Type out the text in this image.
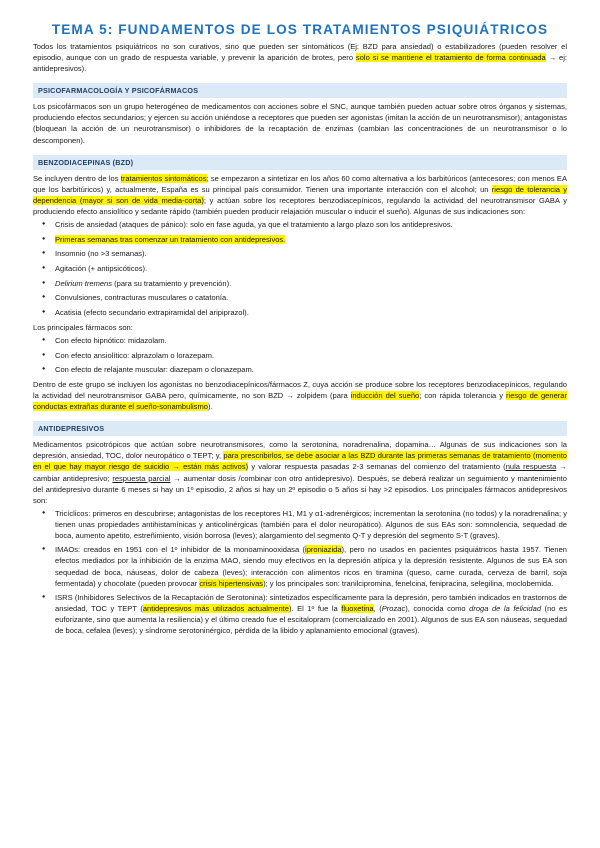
TEMA 5: FUNDAMENTOS DE LOS TRATAMIENTOS PSIQUIÁTRICOS

Todos los tratamientos psiquiátricos no son curativos, sino que pueden ser sintomáticos (Ej: BZD para ansiedad) o estabilizadores (pueden resolver el episodio, aunque con un grado de respuesta variable, y prevenir la aparición de brotes, pero solo si se mantiene el tratamiento de forma continuada → ej: antidepresivos).

PSICOFARMACOLOGÍA Y PSICOFÁRMACOS

Los psicofármacos son un grupo heterogéneo de medicamentos con acciones sobre el SNC, aunque también pueden actuar sobre otros órganos y sistemas, produciendo efectos secundarios; y ejercen su acción uniéndose a receptores que pueden ser agonistas (imitan la acción de un neurotransmisor), antagonistas (bloquean la acción de un neurotransmisor) o inhibidores de la recaptación de enzimas (cambian las concentraciones de un neurotransmisor o lo descomponen).

BENZODIACEPINAS (BZD)

Se incluyen dentro de los tratamientos sintomáticos; se empezaron a sintetizar en los años 60 como alternativa a los barbitúricos (antecesores; con menos EA que los barbitúricos) y, actualmente, España es su principal país consumidor. Tienen una importante interacción con el alcohol; un riesgo de tolerancia y dependencia (mayor si son de vida media-corta); y actúan sobre los receptores benzodiacepínicos, regulando la actividad del neurotransmisor GABA y produciendo efecto ansiolítico y sedante rápido (también pueden producir relajación muscular o inducir el sueño). Algunas de sus indicaciones son:

● Crisis de ansiedad (ataques de pánico): solo en fase aguda, ya que el tratamiento a largo plazo son los antidepresivos.
● Primeras semanas tras comenzar un tratamiento con antidepresivos.
● Insomnio (no >3 semanas).
● Agitación (+ antipsicóticos).
● Delirium tremens (para su tratamiento y prevención).
● Convulsiones, contracturas musculares o catatonía.
● Acatisia (efecto secundario extrapiramidal del aripiprazol).

Los principales fármacos son:

● Con efecto hipnótico: midazolam.
● Con efecto ansiolítico: alprazolam o lorazepam.
● Con efecto de relajante muscular: diazepam o clonazepam.

Dentro de este grupo se incluyen los agonistas no benzodiacepínicos/fármacos Z, cuya acción se produce sobre los receptores benzodiacepínicos, regulando la actividad del neurotransmisor GABA pero, químicamente, no son BZD → zolpidem (para inducción del sueño; con rápida tolerancia y riesgo de generar conductas extrañas durante el sueño-sonambulismo).

ANTIDEPRESIVOS

Medicamentos psicotrópicos que actúan sobre neurotransmisores, como la serotonina, noradrenalina, dopamina… Algunas de sus indicaciones son la depresión, ansiedad, TOC, dolor neuropático o TEPT; y, para prescribirlos, se debe asociar a las BZD durante las primeras semanas de tratamiento (momento en el que hay mayor riesgo de suicidio → están más activos) y valorar respuesta pasadas 2-3 semanas del comienzo del tratamiento (nula respuesta → cambiar antidepresivo; respuesta parcial → aumentar dosis /combinar con otro antidepresivo). Después, se deberá realizar un seguimiento y mantenimiento del antidepresivo durante 6 meses si hay un 1º episodio, 2 años si hay un 2º episodio o 5 años si hay >2 episodios. Los principales fármacos antidepresivos son:

● Tricíclicos: primeros en descubrirse; antagonistas de los receptores H1, M1 y α1-adrenérgicos; incrementan la serotonina (no todos) y la noradrenalina; y tienen unas propiedades antihistamínicas y anticolinérgicas (también para el dolor neuropático). Algunos de sus EAs son: somnolencia, sequedad de boca, aumento apetito, estreñimiento, visión borrosa (leves); alargamiento del segmento Q-T y depresión del segmento S-T (graves).
● IMAOs: creados en 1951 con el 1º inhibidor de la monoaminooxidasa (iproniazida), pero no usados en pacientes psiquiátricos hasta 1957. Tienen efectos mediados por la inhibición de la enzima MAO, siendo muy efectivos en la depresión atípica y la depresión resistente. Algunos de sus EA son sequedad de boca, náuseas, dolor de cabeza (leves); interacción con alimentos ricos en tiramina (queso, carne curada, cerveza de barril, soja fermentada) y chocolate (pueden provocar crisis hipertensivas); y los principales son: tranilcipromina, fenelcina, fenipracina, selegilina, moclobemida.
● ISRS (Inhibidores Selectivos de la Recaptación de Serotonina): sintetizados específicamente para la depresión, pero también indicados en trastornos de ansiedad, TOC y TEPT (antidepresivos más utilizados actualmente). El 1º fue la fluoxetina, (Prozac), conocida como droga de la felicidad (no es euforizante, sino que aumenta la resiliencia) y el último creado fue el escitalopram (comercializado en 2001). Algunos de sus EA son náuseas, sequedad de boca, cefalea (leves); y síndrome serotoninérgico, pérdida de la libido y aplanamiento emocional (graves).
